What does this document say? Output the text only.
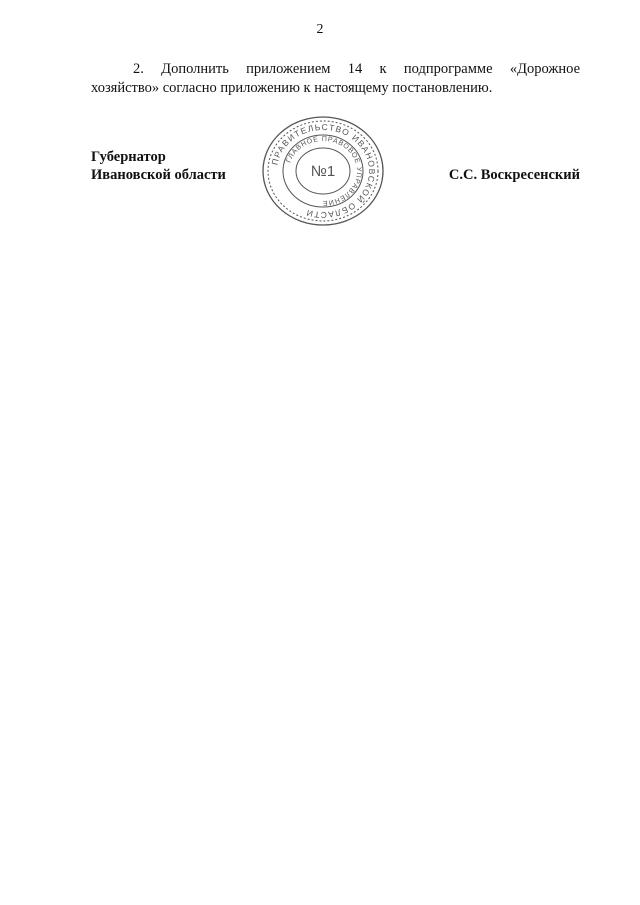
2
2. Дополнить приложением 14 к подпрограмме «Дорожное
хозяйство» согласно приложению к настоящему постановлению.
Губернатор
Ивановской области	С.С. Воскресенский
ПРАВИТЕЛЬСТВО ИВАНОВСКОЙ ОБЛАСТИ
ГЛАВНОЕ ПРАВОВОЕ УПРАВЛЕНИЕ
№1
